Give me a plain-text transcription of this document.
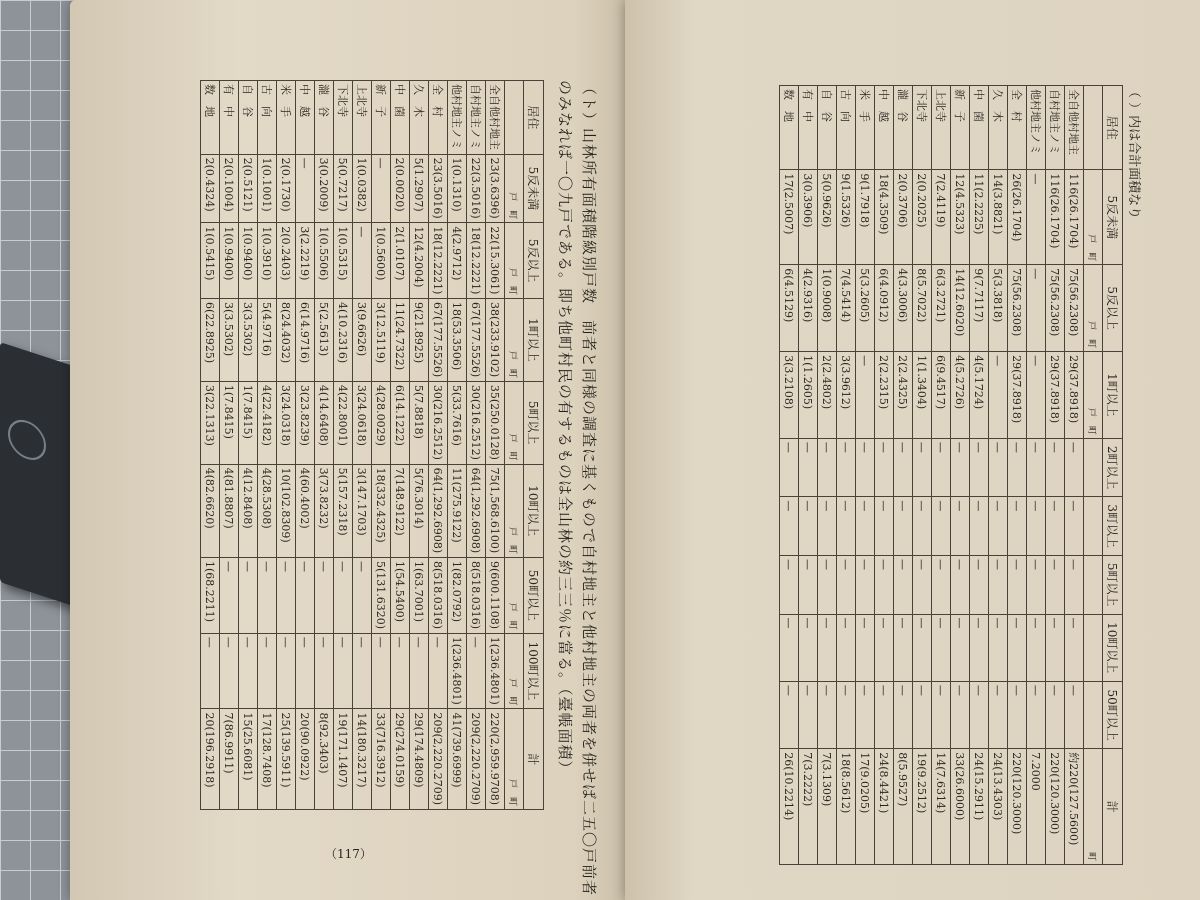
（ト）山林所有面積階級別戸数　前者と同様の調査に基くもので自村地主と他村地主の両者を併せば二五〇戸前者
のみなれば一〇九戸である。即ち他町村民の有するものは全山林の約三三％に當る。（臺帳面積）
居住	5反未満	5反以上	1町以上	5町以上	10町以上	50町以上	100町以上	計
	戸　町	戸　町	戸　町	戸　町	戸　町	戸　町	戸　町	戸　町
全自他村地主	23(3.6396)	22(15.3061)	38(233.9102)	35(250.0128)	75(1,568.6100)	9(600.1108)	1(236.4801)	220(2,959.9708)
自村地主ノミ	22(3.5016)	18(12.2221)	67(177.5526)	30(216.2512)	64(1,292.6908)	8(518.0316)	—	209(2,220.2709)
他村地主ノミ	1(0.1310)	4(2.9712)	18(53.3506)	5(33.7616)	11(275.9122)	1(82.0792)	1(236.4801)	41(739.6999)
全　村	23(3.5016)	18(12.2221)	67(177.5526)	30(216.2512)	64(1,292.6908)	8(518.0316)	—	209(2,220.2709)
久　木	5(1.2907)	12(4.2004)	9(21.8925)	5(7.8818)	5(76.3014)	1(63.7001)	—	29(174.4809)
中　菌	2(0.0020)	2(1.0107)	11(24.7322)	6(14.1222)	7(148.9122)	1(54.5400)	—	29(274.0159)
新　子	—	1(0.5600)	3(12.5119)	4(28.0029)	18(332.4325)	5(131.6320)	—	33(716.3912)
上北寺	1(0.0382)	—	3(9.6626)	3(24.0618)	3(147.1703)	—	—	14(180.3217)
下北寺	5(0.7217)	1(0.5315)	4(10.2316)	4(22.8001)	5(157.2318)	—	—	19(171.1407)
瀧　谷	3(0.2009)	1(0.5506)	5(2.5613)	4(14.6408)	3(73.8232)	—	—	8(92.3403)
中　越	—	3(2.2219)	6(14.9716)	3(23.8239)	4(60.4002)	—	—	20(90.0922)
米　手	2(0.1730)	2(0.2403)	8(24.4032)	3(24.0318)	10(102.8309)	—	—	25(139.5911)
古　向	1(0.1001)	1(0.3910)	5(4.9716)	4(22.4182)	4(28.5308)	—	—	17(128.7408)
自　谷	2(0.5121)	1(0.9400)	3(3.5302)	1(7.8415)	4(12.8408)	—	—	15(25.6081)
有　中	2(0.1004)	1(0.9400)	3(3.5302)	1(7.8415)	4(81.8807)	—	—	7(86.9911)
数　地	2(0.4324)	1(0.5415)	6(22.8925)	3(22.1313)	4(82.6620)	1(68.2211)	—	20(196.2918)
（117）
（ ）内は合計面積なり
居住	5反未満	5反以上	1町以上	2町以上	3町以上	5町以上	10町以上	50町以上	計
	戸　町	戸　町	戸　町						町
全自他村地主	116(26.1704)	75(56.2308)	29(37.8918)	—	—	—	—	—	約220(127.5600)
自村地主ノミ	116(26.1704)	75(56.2308)	29(37.8918)	—	—	—	—	—	220(120.3000)
他村地主ノミ	—	—	—	—	—	—	—	—	7.2000
全　村	26(26.1704)	75(56.2308)	29(37.8918)	—	—	—	—	—	220(120.3000)
久　木	14(3.8821)	5(3.3818)	—	—	—	—	—	—	24(13.4303)
中　菌	11(2.2225)	9(7.7117)	4(5.1724)	—	—	—	—	—	24(15.2911)
新　子	12(4.5323)	14(12.6020)	4(5.2726)	—	—	—	—	—	33(26.6000)
上北寺	7(2.4119)	6(3.2721)	6(9.4517)	—	—	—	—	—	14(7.6314)
下北寺	2(0.2025)	8(5.7022)	1(1.3404)	—	—	—	—	—	19(9.2512)
瀧　谷	2(0.3706)	4(3.3006)	2(2.4325)	—	—	—	—	—	8(5.9527)
中　越	18(4.3509)	6(4.0912)	2(2.2315)	—	—	—	—	—	24(8.4421)
米　手	9(1.7918)	5(3.2605)	—	—	—	—	—	—	17(9.0205)
古　向	9(1.5326)	7(4.5414)	3(3.9612)	—	—	—	—	—	18(8.5612)
自　谷	5(0.9626)	1(0.9008)	2(2.4802)	—	—	—	—	—	7(3.1309)
有　中	3(0.3906)	4(2.9316)	1(1.2605)	—	—	—	—	—	7(3.2222)
数　地	17(2.5007)	6(4.5129)	3(3.2108)	—	—	—	—	—	26(10.2214)
